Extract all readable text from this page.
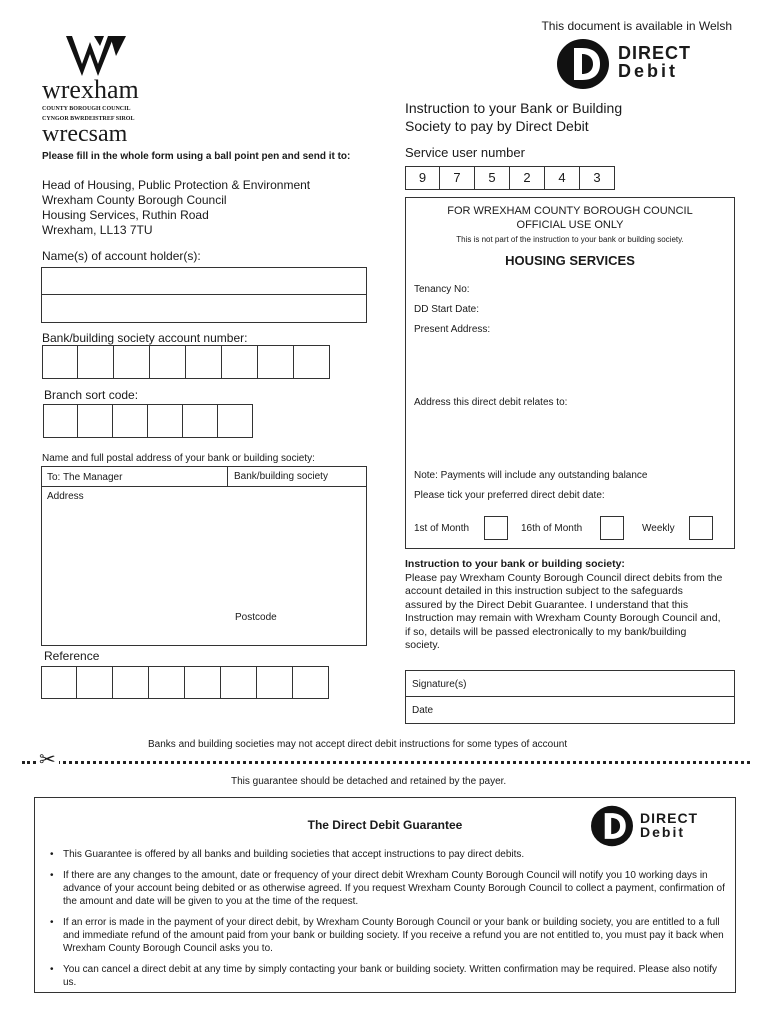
This document is available in Welsh
wrexham
COUNTY BOROUGH COUNCIL
CYNGOR BWRDEISTREF SIROL
wrecsam
DIRECT
Debit
Instruction to your Bank or Building Society to pay by Direct Debit
Please fill in the whole form using a ball point pen and send it to:
Head of Housing, Public Protection & Environment
Wrexham County Borough Council
Housing Services, Ruthin Road
Wrexham, LL13 7TU
Service user number
9	7	5	2	4	3
FOR WREXHAM COUNTY BOROUGH COUNCIL
OFFICIAL USE ONLY
This is not part of the instruction to your bank or building society.
HOUSING SERVICES
Tenancy No:
DD Start Date:
Present Address:
Address this direct debit relates to:
Note: Payments will include any outstanding balance
Please tick your preferred direct debit date:
1st of Month	16th of Month	Weekly
Name(s) of account holder(s):
Bank/building society account number:
Branch sort code:
Name and full postal address of your bank or building society:
To: The Manager	Bank/building society
Address
Postcode
Reference
Instruction to your bank or building society:
Please pay Wrexham County Borough Council direct debits from the account detailed in this instruction subject to the safeguards assured by the Direct Debit Guarantee. I understand that this Instruction may remain with Wrexham County Borough Council and, if so, details will be passed electronically to my bank/building society.
Signature(s)
Date
Banks and building societies may not accept direct debit instructions for some types of account
✂
This guarantee should be detached and retained by the payer.
The Direct Debit Guarantee	DIRECT
Debit
• This Guarantee is offered by all banks and building societies that accept instructions to pay direct debits.
• If there are any changes to the amount, date or frequency of your direct debit Wrexham County Borough Council will notify you 10 working days in advance of your account being debited or as otherwise agreed. If you request Wrexham County Borough Council to collect a payment, confirmation of the amount and date will be given to you at the time of the request.
• If an error is made in the payment of your direct debit, by Wrexham County Borough Council or your bank or building society, you are entitled to a full and immediate refund of the amount paid from your bank or building society. If you receive a refund you are not entitled to, you must pay it back when Wrexham County Borough Council asks you to.
• You can cancel a direct debit at any time by simply contacting your bank or building society. Written confirmation may be required. Please also notify us.
